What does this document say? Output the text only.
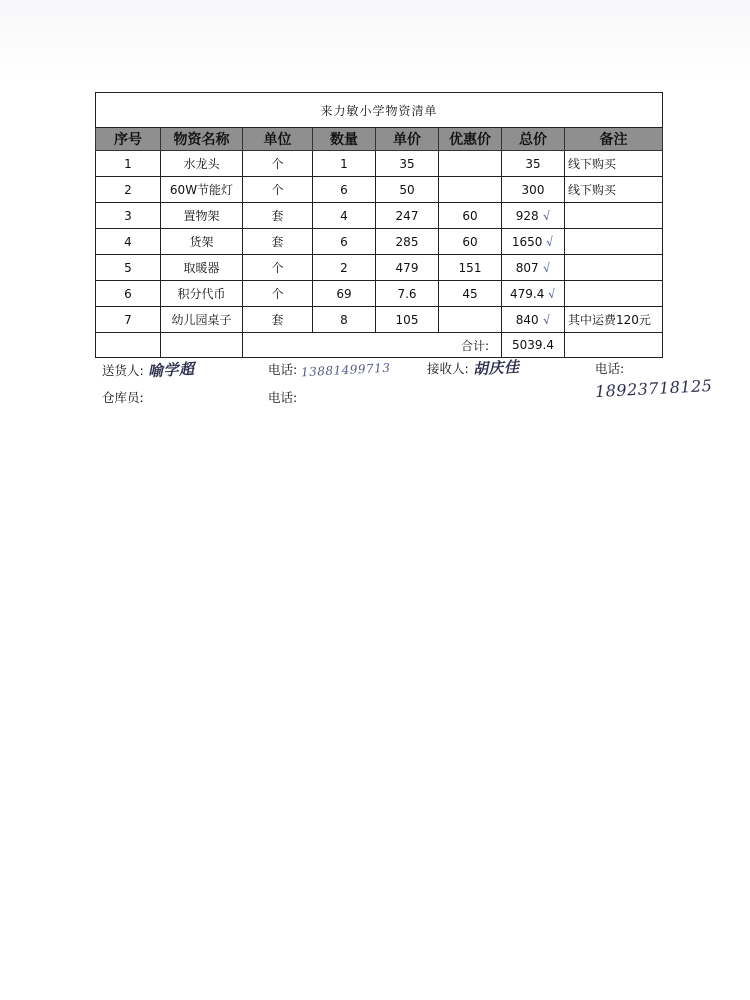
来力敏小学物资清单							
序号	物资名称	单位	数量	单价	优惠价	总价	备注
1	水龙头	个	1	35		35	线下购买
2	60W节能灯	个	6	50		300	线下购买
3	置物架	套	4	247	60	928 √	
4	货架	套	6	285	60	1650 √	
5	取暖器	个	2	479	151	807 √	
6	积分代币	个	69	7.6	45	479.4 √	
7	幼儿园桌子	套	8	105		840 √	其中运费120元
		合计:				5039.4	
送货人: 喻学超	电话: 13881499713	接收人: 胡庆佳	电话: 18923718125
仓库员:	电话:
